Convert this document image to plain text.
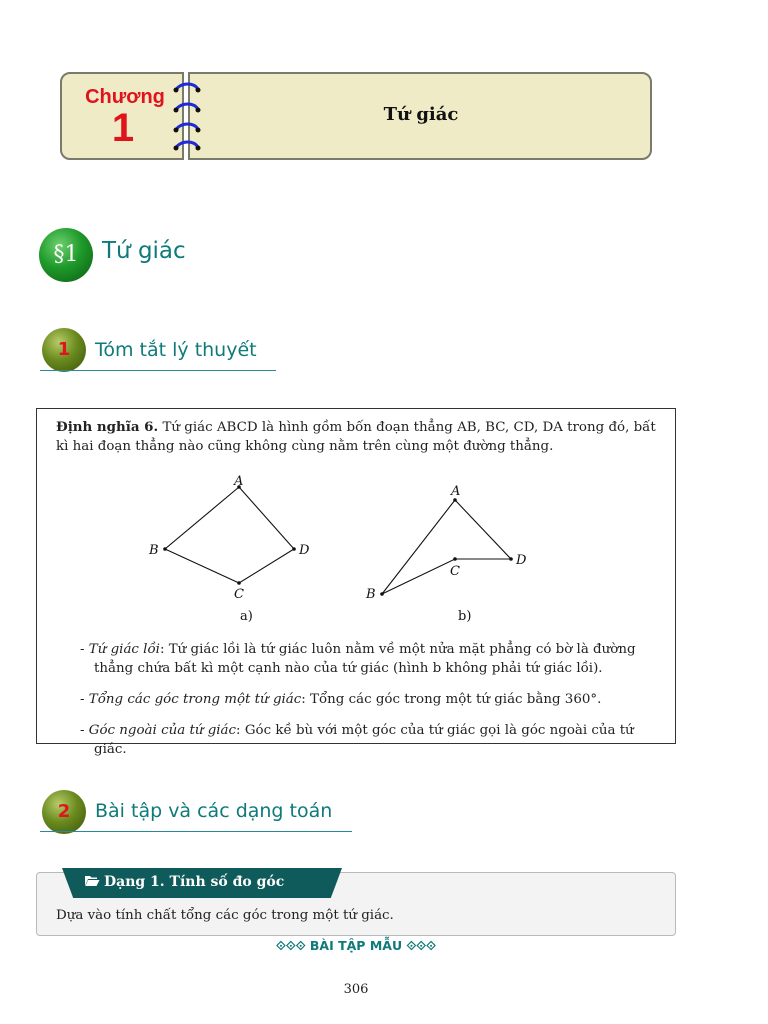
Chương
1	Tứ giác
§1	Tứ giác
1	Tóm tắt lý thuyết
Định nghĩa 6. Tứ giác ABCD là hình gồm bốn đoạn thẳng AB, BC, CD, DA trong đó, bất kì hai đoạn thẳng nào cũng không cùng nằm trên cùng một đường thẳng.
A
B
C
D
A
B
C
D
a)	b)
- Tứ giác lồi: Tứ giác lồi là tứ giác luôn nằm về một nửa mặt phẳng có bờ là đường thẳng chứa bất kì một cạnh nào của tứ giác (hình b không phải tứ giác lồi).
- Tổng các góc trong một tứ giác: Tổng các góc trong một tứ giác bằng 360°.
- Góc ngoài của tứ giác: Góc kề bù với một góc của tứ giác gọi là góc ngoài của tứ giác.
2	Bài tập và các dạng toán
Dạng 1. Tính số đo góc
Dựa vào tính chất tổng các góc trong một tứ giác.
⟐⟐⟐ BÀI TẬP MẪU ⟐⟐⟐
306
